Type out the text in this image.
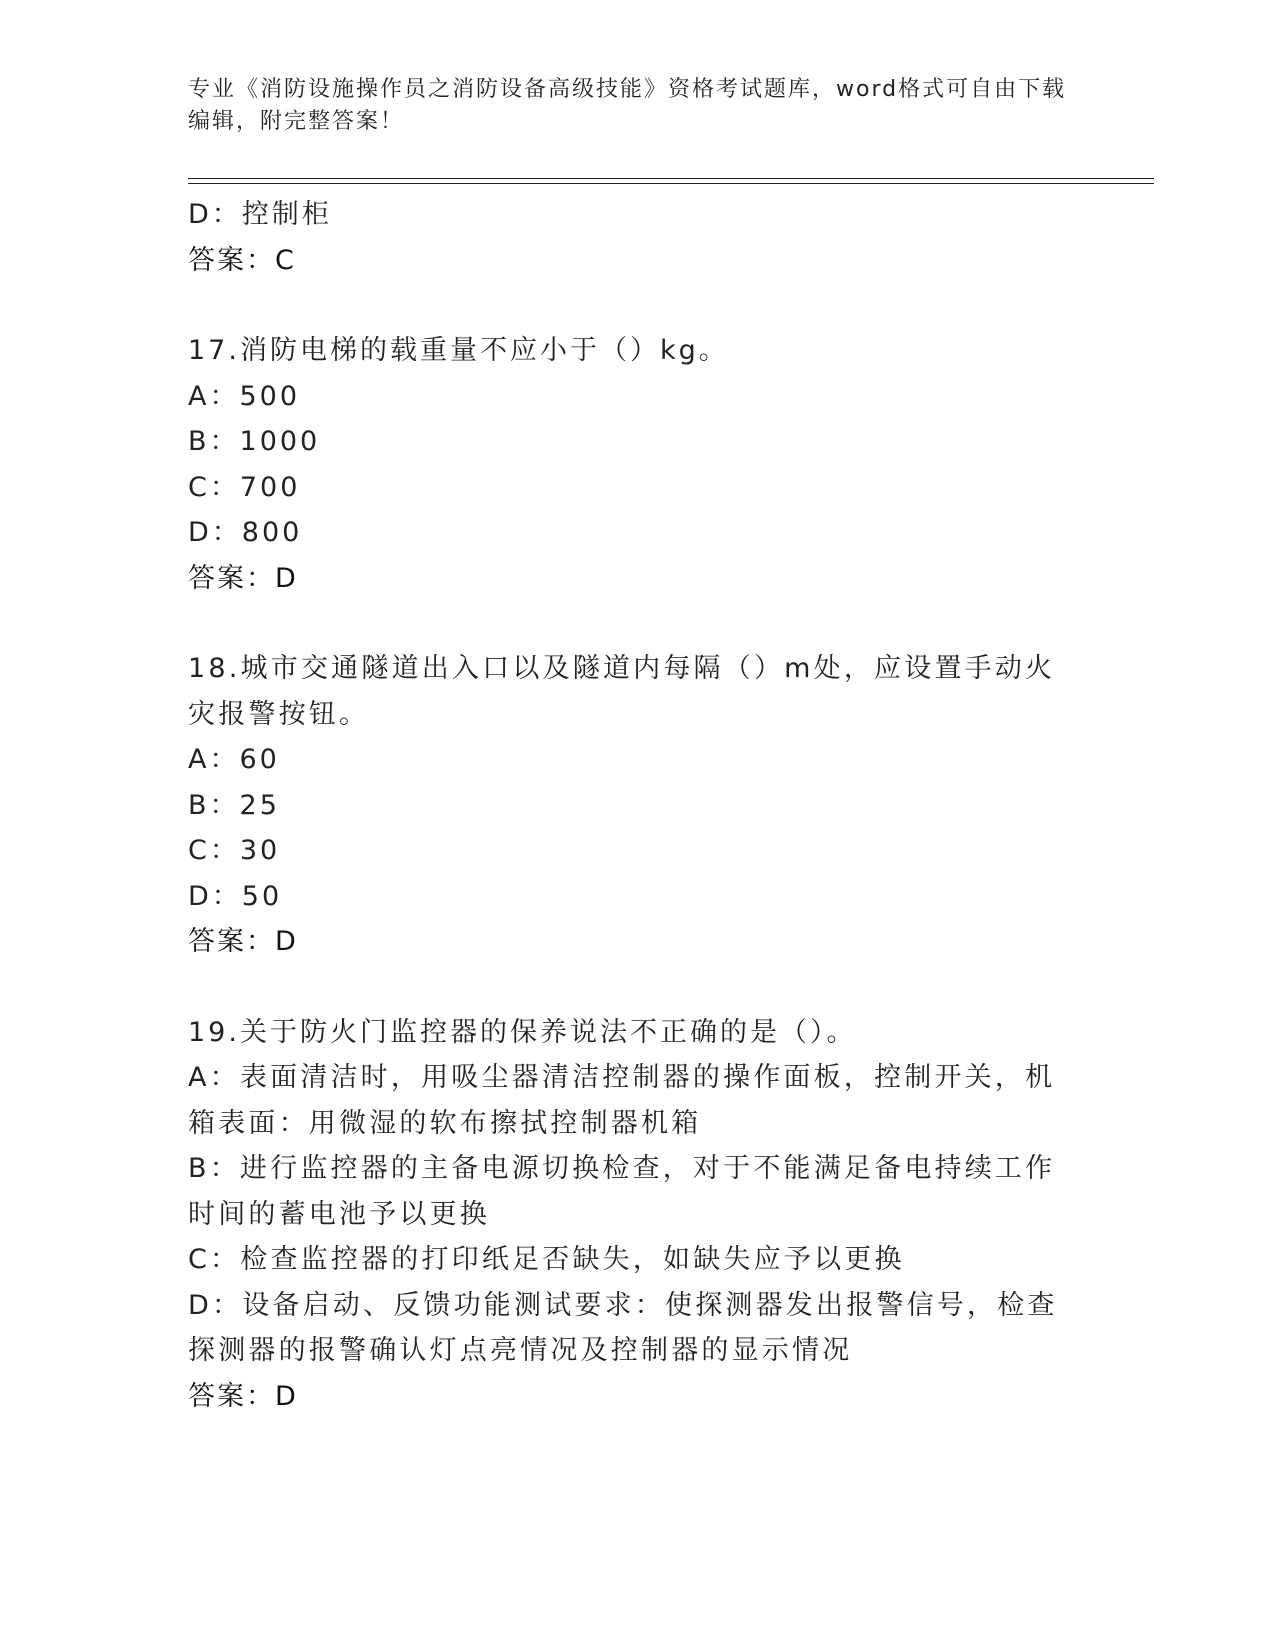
专业《消防设施操作员之消防设备高级技能》资格考试题库，word格式可自由下载编辑，附完整答案！
D：控制柜
答案：C
17.消防电梯的载重量不应小于（）kg。
A：500
B：1000
C：700
D：800
答案：D
18.城市交通隧道出入口以及隧道内每隔（）m处，应设置手动火灾报警按钮。
A：60
B：25
C：30
D：50
答案：D
19.关于防火门监控器的保养说法不正确的是（）。
A：表面清洁时，用吸尘器清洁控制器的操作面板，控制开关，机箱表面：用微湿的软布擦拭控制器机箱
B：进行监控器的主备电源切换检查，对于不能满足备电持续工作时间的蓄电池予以更换
C：检查监控器的打印纸足否缺失，如缺失应予以更换
D：设备启动、反馈功能测试要求：使探测器发出报警信号，检查探测器的报警确认灯点亮情况及控制器的显示情况
答案：D
